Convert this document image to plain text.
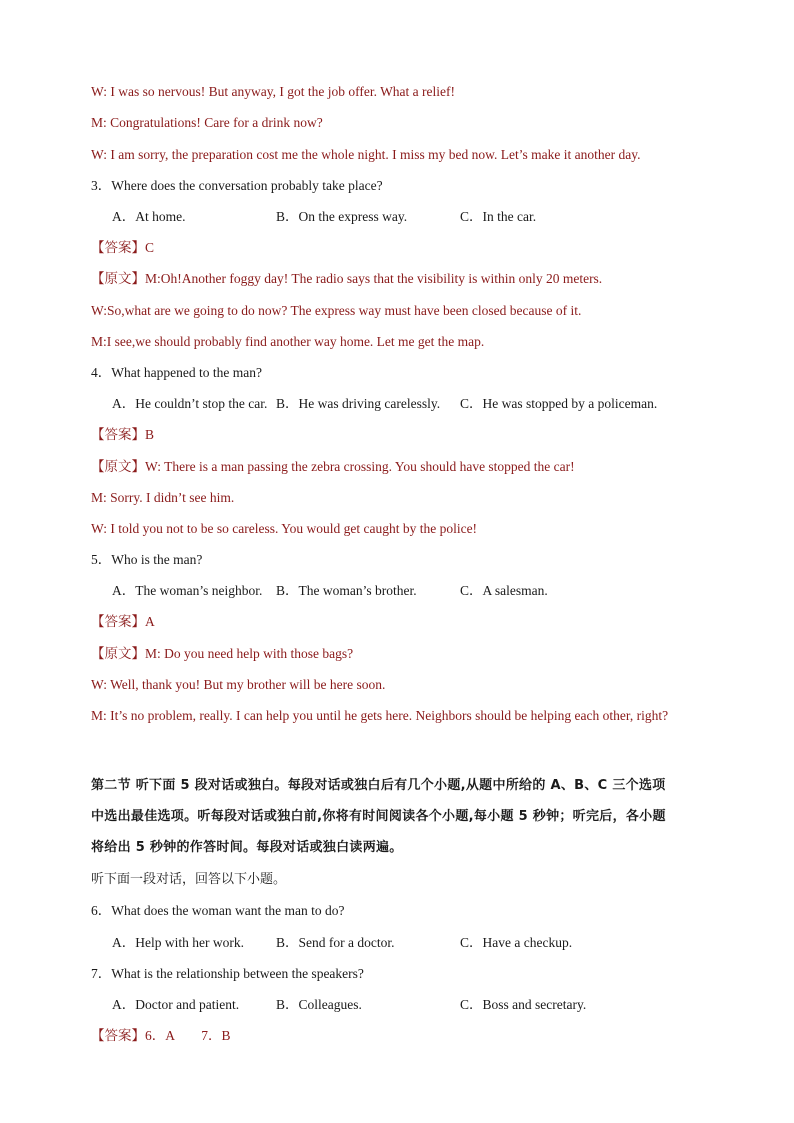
W: I was so nervous! But anyway, I got the job offer. What a relief!
M: Congratulations! Care for a drink now?
W: I am sorry, the preparation cost me the whole night. I miss my bed now. Let’s make it another day.
3．Where does the conversation probably take place?
A．At home.	B．On the express way.	C．In the car.
【答案】C
【原文】M:Oh!Another foggy day! The radio says that the visibility is within only 20 meters.
W:So,what are we going to do now? The express way must have been closed because of it.
M:I see,we should probably find another way home. Let me get the map.
4．What happened to the man?
A．He couldn’t stop the car. B．He was driving carelessly. C．He was stopped by a policeman.
【答案】B
【原文】W: There is a man passing the zebra crossing. You should have stopped the car!
M: Sorry. I didn’t see him.
W: I told you not to be so careless. You would get caught by the police!
5．Who is the man?
A．The woman’s neighbor. B．The woman’s brother.	C．A salesman.
【答案】A
【原文】M: Do you need help with those bags?
W: Well, thank you! But my brother will be here soon.
M: It’s no problem, really. I can help you until he gets here. Neighbors should be helping each other, right?
第二节 听下面 5 段对话或独白。每段对话或独白后有几个小题,从题中所给的 A、B、C 三个选项
中选出最佳选项。听每段对话或独白前,你将有时间阅读各个小题,每小题 5 秒钟；听完后，各小题
将给出 5 秒钟的作答时间。每段对话或独白读两遍。
听下面一段对话，回答以下小题。
6．What does the woman want the man to do?
A．Help with her work. B．Send for a doctor.	C．Have a checkup.
7．What is the relationship between the speakers?
A．Doctor and patient.	B．Colleagues.	C．Boss and secretary.
【答案】6．A　　7．B
